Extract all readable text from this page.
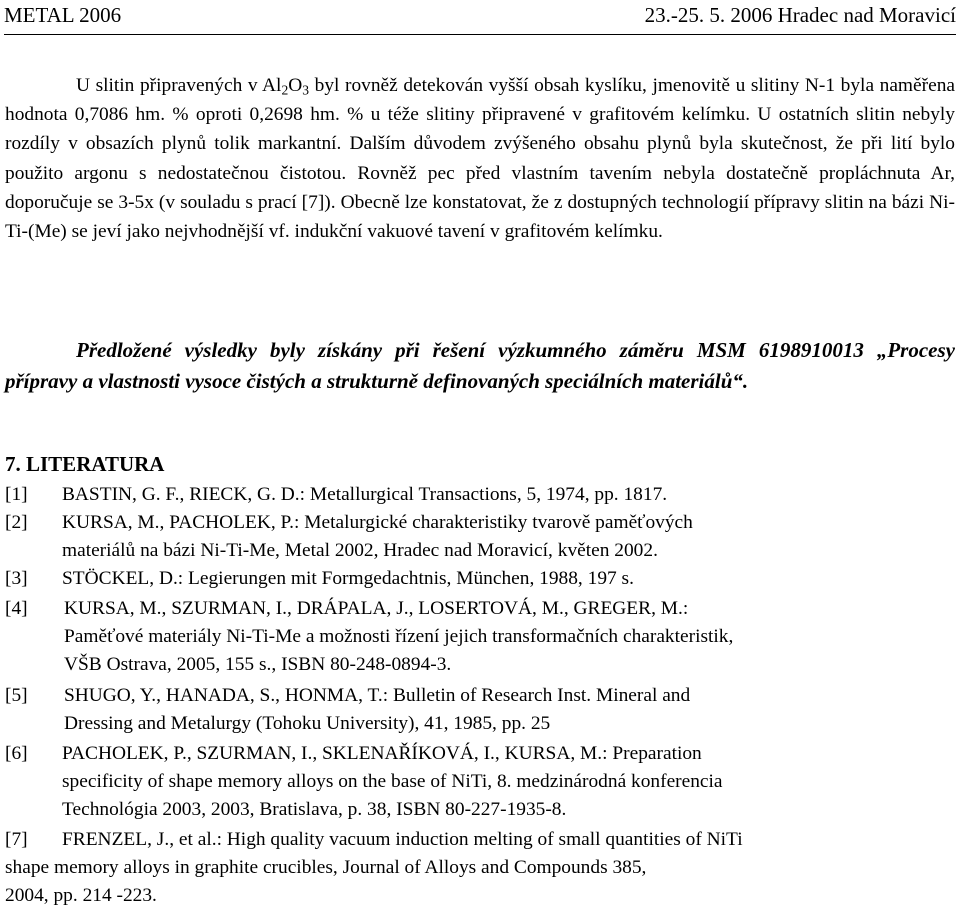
METAL 2006	23.-25. 5. 2006 Hradec nad Moravicí

U slitin připravených v $Al_2O_3$ byl rovněž detekován vyšší obsah kyslíku, jmenovitě u slitiny N-1 byla naměřena hodnota 0,7086 hm. % oproti 0,2698 hm. % u téže slitiny připravené v grafitovém kelímku. U ostatních slitin nebyly rozdíly v obsazích plynů tolik markantní. Dalším důvodem zvýšeného obsahu plynů byla skutečnost, že při lití bylo použito argonu s nedostatečnou čistotou. Rovněž pec před vlastním tavením nebyla dostatečně propláchnuta Ar, doporučuje se 3-5x (v souladu s prací [7]). Obecně lze konstatovat, že z dostupných technologií přípravy slitin na bázi Ni-Ti-(Me) se jeví jako nejvhodnější vf. indukční vakuové tavení v grafitovém kelímku.

Předložené výsledky byly získány při řešení výzkumného záměru MSM 6198910013 „Procesy přípravy a vlastnosti vysoce čistých a strukturně definovaných speciálních materiálů“.

7. LITERATURA
[1] BASTIN, G. F., RIECK, G. D.: Metallurgical Transactions, 5, 1974, pp. 1817.
[2] KURSA, M., PACHOLEK, P.: Metalurgické charakteristiky tvarově paměťových
materiálů na bázi Ni-Ti-Me, Metal 2002, Hradec nad Moravicí, květen 2002.
[3] STÖCKEL, D.: Legierungen mit Formgedachtnis, München, 1988, 197 s.
[4] KURSA, M., SZURMAN, I., DRÁPALA, J., LOSERTOVÁ, M., GREGER, M.:
Paměťové materiály Ni-Ti-Me a možnosti řízení jejich transformačních charakteristik,
VŠB Ostrava, 2005, 155 s., ISBN 80-248-0894-3.
[5] SHUGO, Y., HANADA, S., HONMA, T.: Bulletin of Research Inst. Mineral and
Dressing and Metalurgy (Tohoku University), 41, 1985, pp. 25
[6] PACHOLEK, P., SZURMAN, I., SKLENAŘÍKOVÁ, I., KURSA, M.: Preparation
specificity of shape memory alloys on the base of NiTi, 8. medzinárodná konferencia
Technológia 2003, 2003, Bratislava, p. 38, ISBN 80-227-1935-8.
[7] FRENZEL, J., et al.: High quality vacuum induction melting of small quantities of NiTi
shape memory alloys in graphite crucibles, Journal of Alloys and Compounds 385,
2004, pp. 214 -223.
